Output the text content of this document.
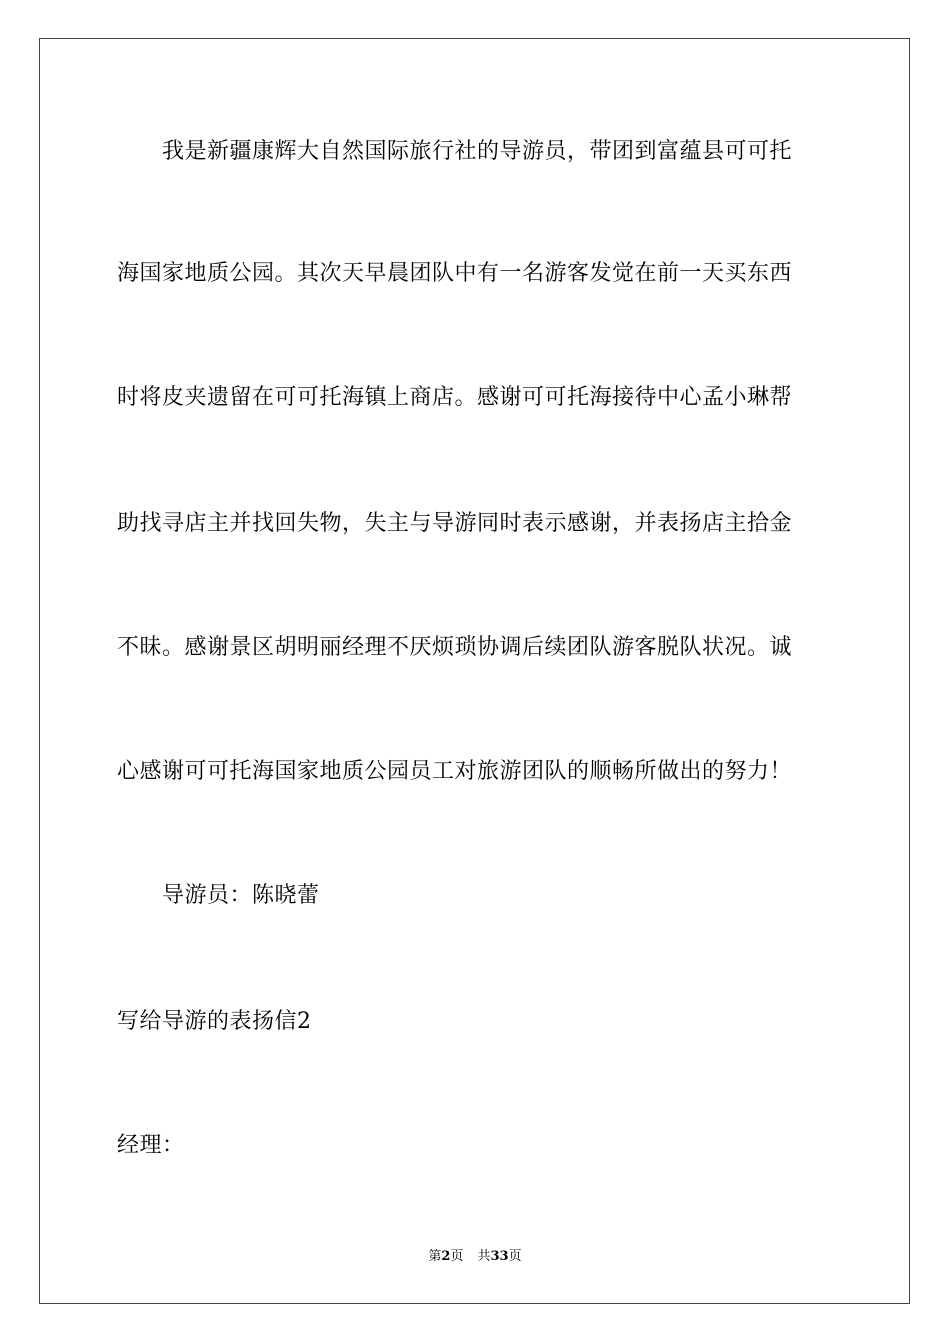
我是新疆康辉大自然国际旅行社的导游员，带团到富蕴县可可托
海国家地质公园。其次天早晨团队中有一名游客发觉在前一天买东西
时将皮夹遗留在可可托海镇上商店。感谢可可托海接待中心孟小琳帮
助找寻店主并找回失物，失主与导游同时表示感谢，并表扬店主拾金
不昧。感谢景区胡明丽经理不厌烦琐协调后续团队游客脱队状况。诚
心感谢可可托海国家地质公园员工对旅游团队的顺畅所做出的努力！
导游员：陈晓蕾
写给导游的表扬信2
经理：
第2页 共33页
